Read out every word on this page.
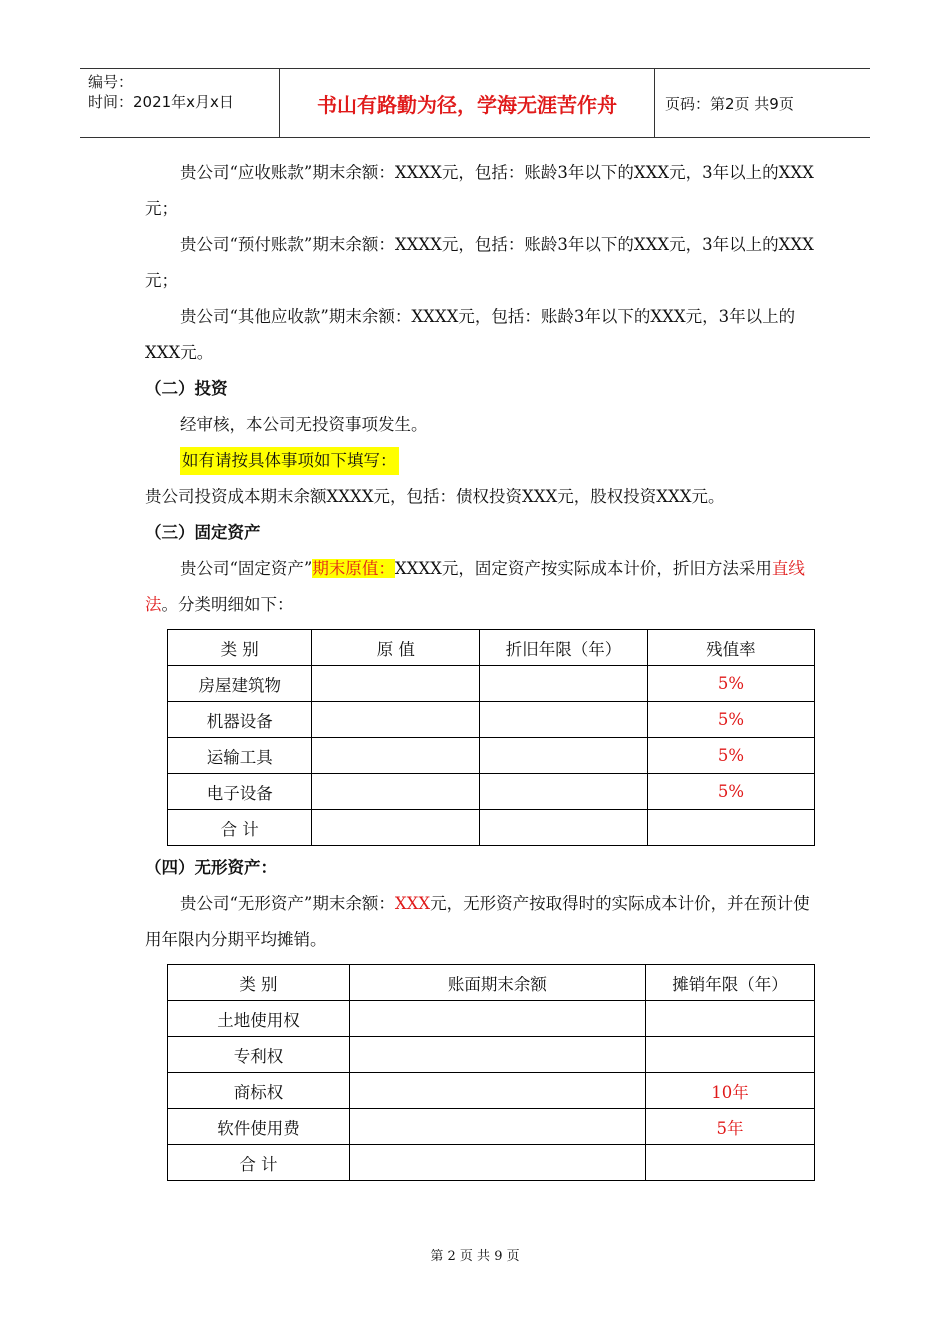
编号：
时间：2021年x月x日	书山有路勤为径，学海无涯苦作舟	页码：第2页 共9页

贵公司“应收账款”期末余额：XXXX元，包括：账龄3年以下的XXX元，3年以上的XXX元；

贵公司“预付账款”期末余额：XXXX元，包括：账龄3年以下的XXX元，3年以上的XXX元；

贵公司“其他应收款”期末余额：XXXX元，包括：账龄3年以下的XXX元，3年以上的XXX元。

（二）投资

经审核，本公司无投资事项发生。

如有请按具体事项如下填写：

贵公司投资成本期末余额XXXX元，包括：债权投资XXX元，股权投资XXX元。

（三）固定资产

贵公司“固定资产”期末原值：XXXX元，固定资产按实际成本计价，折旧方法采用直线法。分类明细如下：

类 别	原 值	折旧年限（年）	残值率
房屋建筑物			5%
机器设备			5%
运输工具			5%
电子设备			5%
合 计			
（四）无形资产：

贵公司“无形资产”期末余额：XXX元，无形资产按取得时的实际成本计价，并在预计使用年限内分期平均摊销。

类 别	账面期末余额	摊销年限（年）
土地使用权		
专利权		
商标权		10年
软件使用费		5年
合 计		
第 2 页 共 9 页
